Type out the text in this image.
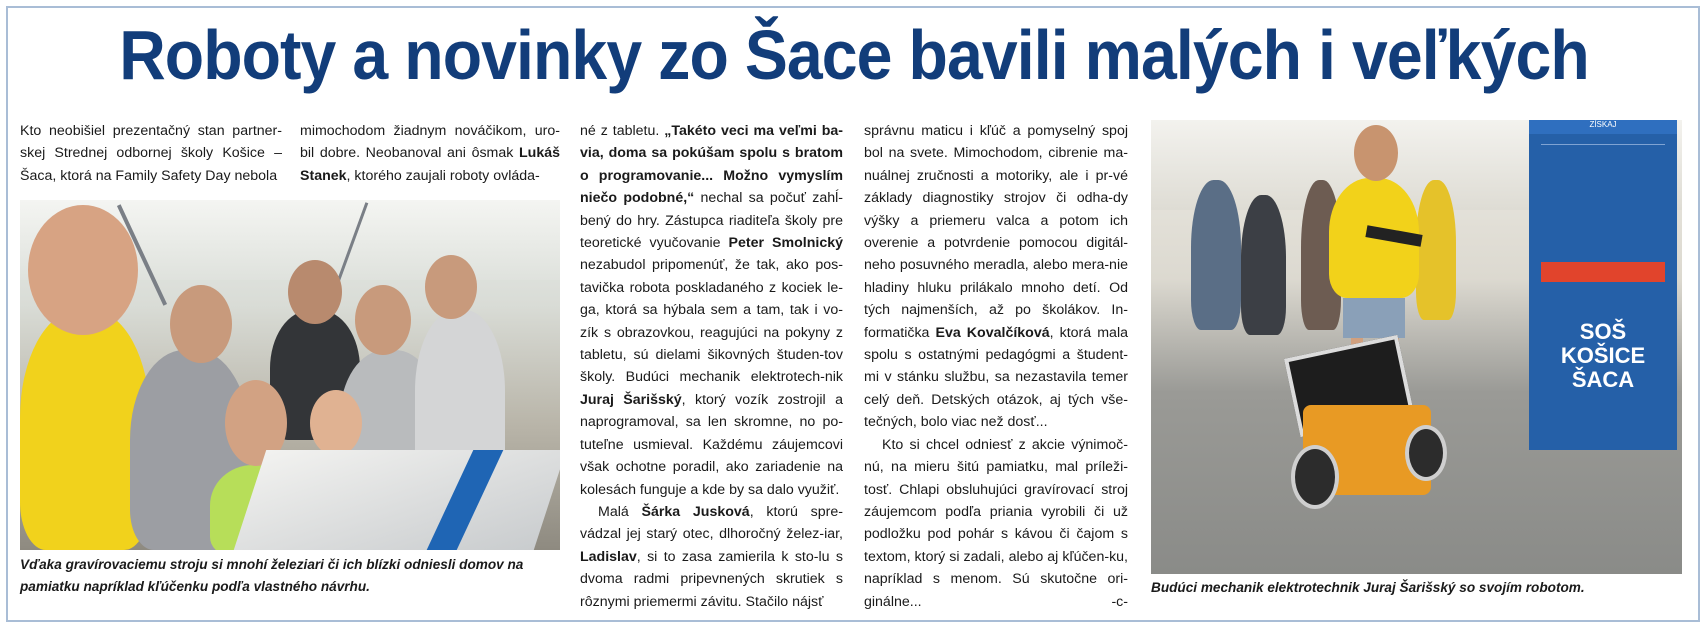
Roboty a novinky zo Šace bavili malých i veľkých

Kto neobišiel prezentačný stan partner-skej Strednej odbornej školy Košice – Šaca, ktorá na Family Safety Day nebola

mimochodom žiadnym nováčikom, uro-bil dobre. Neobanoval ani ôsmak Lukáš Stanek, ktorého zaujali roboty ovláda-

Vďaka gravírovaciemu stroju si mnohí železiari či ich blízki odniesli domov na pamiatku napríklad kľúčenku podľa vlastného návrhu.

né z tabletu. „Takéto veci ma veľmi ba-via, doma sa pokúšam spolu s bratom o programovanie... Možno vymyslím niečo podobné,“ nechal sa počuť zahĺ-bený do hry. Zástupca riaditeľa školy pre teoretické vyučovanie Peter Smolnický nezabudol pripomenúť, že tak, ako pos-tavička robota poskladaného z kociek le-ga, ktorá sa hýbala sem a tam, tak i vo-zík s obrazovkou, reagujúci na pokyny z tabletu, sú dielami šikovných študen-tov školy. Budúci mechanik elektrotech-nik Juraj Šarišský, ktorý vozík zostrojil a naprogramoval, sa len skromne, no po-tuteľne usmieval. Každému záujemcovi však ochotne poradil, ako zariadenie na kolesách funguje a kde by sa dalo využiť.

Malá Šárka Jusková, ktorú spre-vádzal jej starý otec, dlhoročný želez-iar, Ladislav, si to zasa zamierila k sto-lu s dvoma radmi pripevnených skrutiek s rôznymi priemermi závitu. Stačilo nájsť

správnu maticu i kľúč a pomyselný spoj bol na svete. Mimochodom, cibrenie ma-nuálnej zručnosti a motoriky, ale i pr-vé základy diagnostiky strojov či odha-dy výšky a priemeru valca a potom ich overenie a potvrdenie pomocou digitál-neho posuvného meradla, alebo mera-nie hladiny hluku prilákalo mnoho detí. Od tých najmenších, až po školákov. In-formatička Eva Kovalčíková, ktorá mala spolu s ostatnými pedagógmi a študent-mi v stánku službu, sa nezastavila temer celý deň. Detských otázok, aj tých vše-tečných, bolo viac než dosť...

Kto si chcel odniesť z akcie výnimoč-nú, na mieru šitú pamiatku, mal príleži-tosť. Chlapi obsluhujúci gravírovací stroj záujemcom podľa priania vyrobili či už podložku pod pohár s kávou či čajom s textom, ktorý si zadali, alebo aj kľúčen-ku, napríklad s menom. Sú skutočne ori-ginálne...	-c-

ZÍSKAJ
SOŠ
KOŠICE
ŠACA
Budúci mechanik elektrotechnik Juraj Šarišský so svojím robotom.
